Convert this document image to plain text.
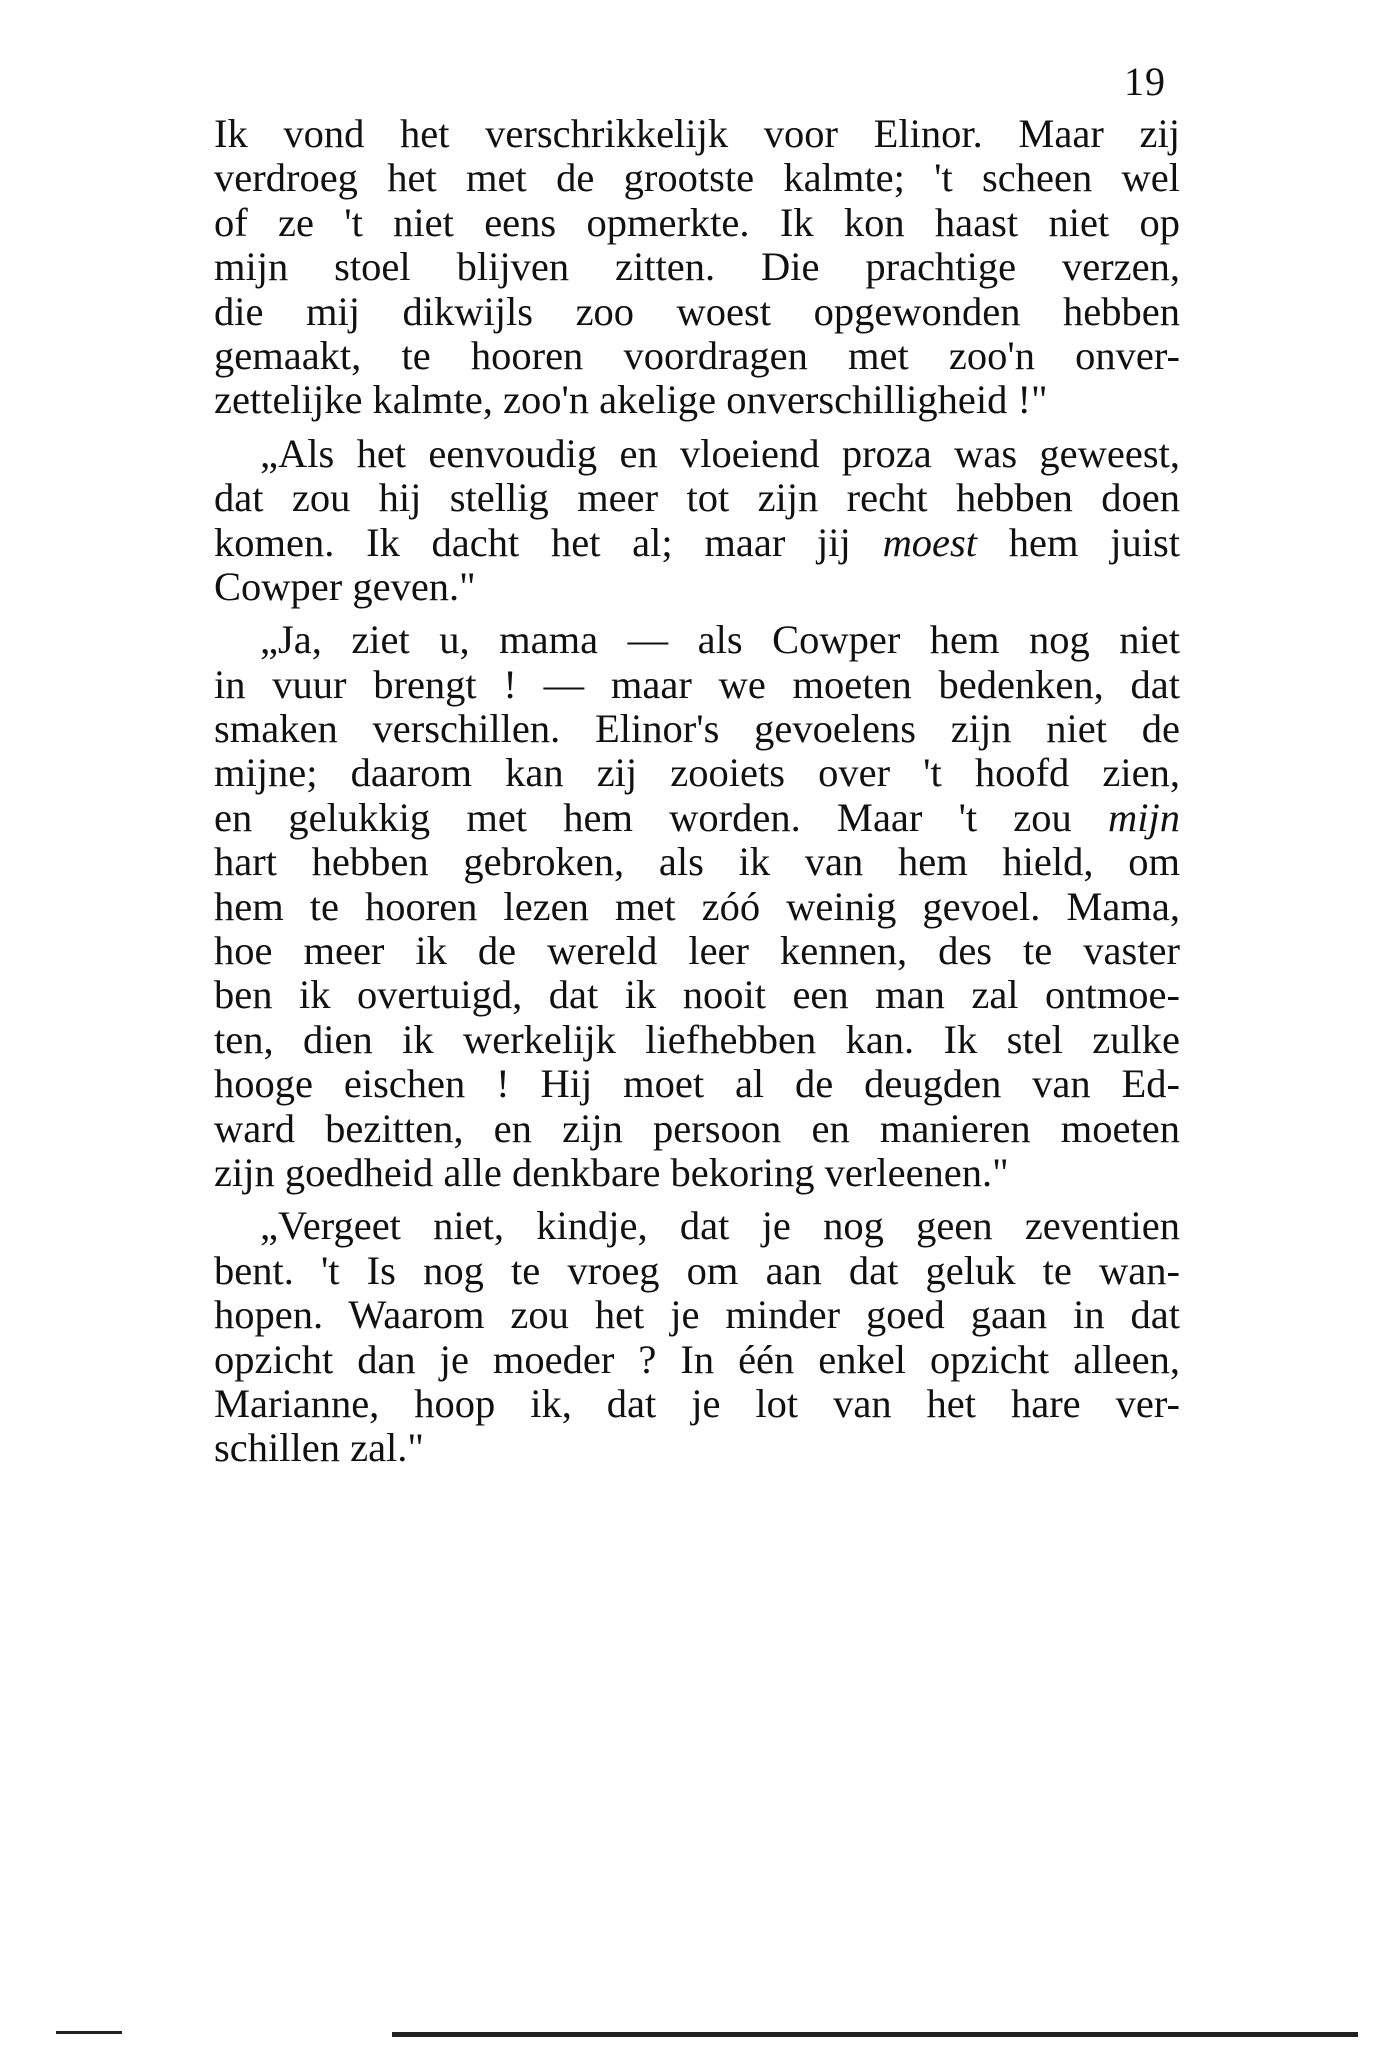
19
Ik vond het verschrikkelijk voor Elinor. Maar zij
verdroeg het met de grootste kalmte; 't scheen wel
of ze 't niet eens opmerkte. Ik kon haast niet op
mijn stoel blijven zitten. Die prachtige verzen,
die mij dikwijls zoo woest opgewonden hebben
gemaakt, te hooren voordragen met zoo'n onver-
zettelijke kalmte, zoo'n akelige onverschilligheid !"
„Als het eenvoudig en vloeiend proza was geweest,
dat zou hij stellig meer tot zijn recht hebben doen
komen. Ik dacht het al; maar jij moest hem juist
Cowper geven."
„Ja, ziet u, mama — als Cowper hem nog niet
in vuur brengt ! — maar we moeten bedenken, dat
smaken verschillen. Elinor's gevoelens zijn niet de
mijne; daarom kan zij zooiets over 't hoofd zien,
en gelukkig met hem worden. Maar 't zou mijn
hart hebben gebroken, als ik van hem hield, om
hem te hooren lezen met zóó weinig gevoel. Mama,
hoe meer ik de wereld leer kennen, des te vaster
ben ik overtuigd, dat ik nooit een man zal ontmoe-
ten, dien ik werkelijk liefhebben kan. Ik stel zulke
hooge eischen ! Hij moet al de deugden van Ed-
ward bezitten, en zijn persoon en manieren moeten
zijn goedheid alle denkbare bekoring verleenen."
„Vergeet niet, kindje, dat je nog geen zeventien
bent. 't Is nog te vroeg om aan dat geluk te wan-
hopen. Waarom zou het je minder goed gaan in dat
opzicht dan je moeder ? In één enkel opzicht alleen,
Marianne, hoop ik, dat je lot van het hare ver-
schillen zal."
